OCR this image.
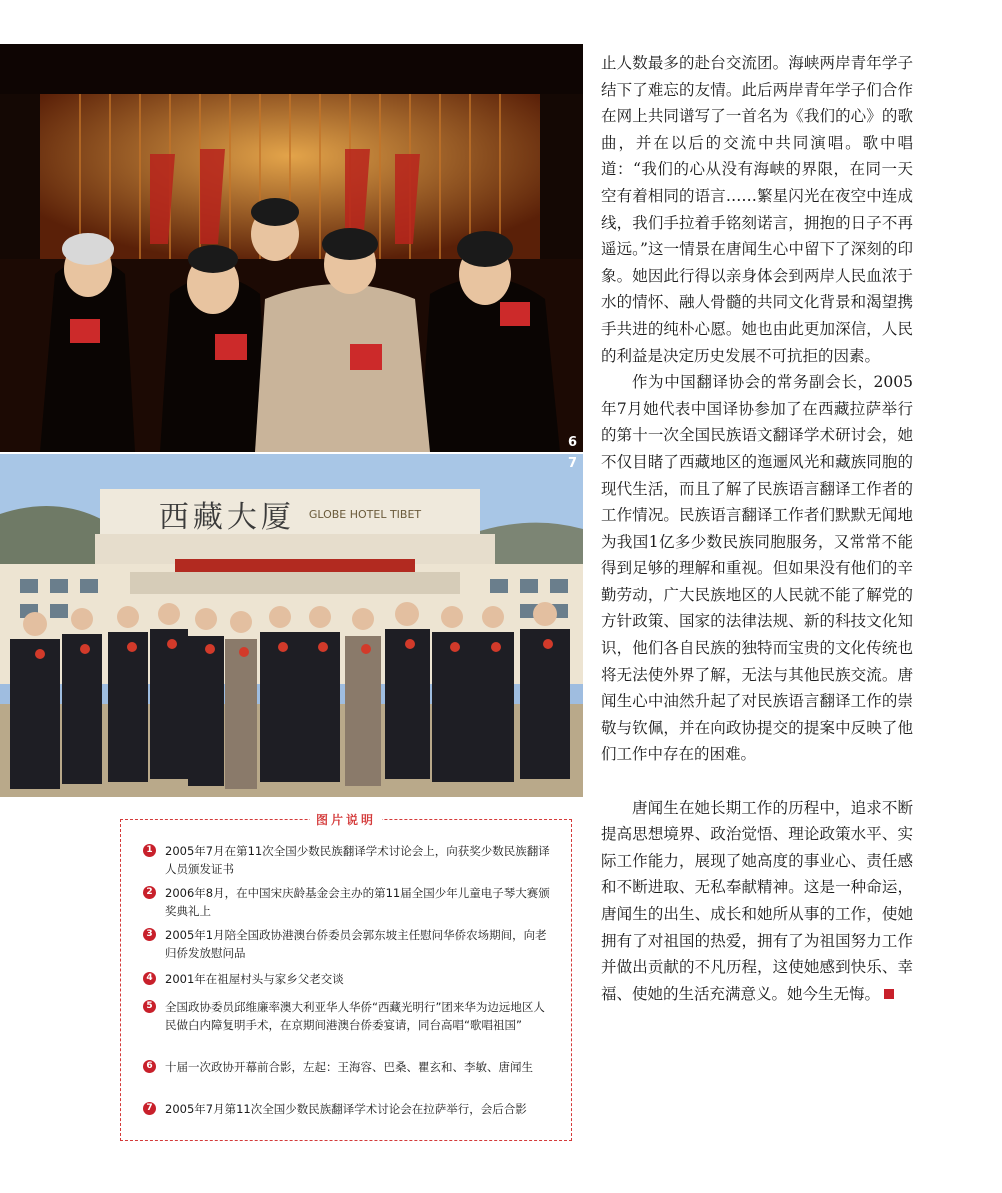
6
西藏大厦 GLOBE HOTEL TIBET
7

止人数最多的赴台交流团。海峡两岸青年学子结下了难忘的友情。此后两岸青年学子们合作在网上共同谱写了一首名为《我们的心》的歌曲，并在以后的交流中共同演唱。歌中唱道：“我们的心从没有海峡的界限，在同一天空有着相同的语言……繁星闪光在夜空中连成线，我们手拉着手铭刻诺言，拥抱的日子不再遥远。”这一情景在唐闻生心中留下了深刻的印象。她因此行得以亲身体会到两岸人民血浓于水的情怀、融人骨髓的共同文化背景和渴望携手共进的纯朴心愿。她也由此更加深信，人民的利益是决定历史发展不可抗拒的因素。

作为中国翻译协会的常务副会长，2005年7月她代表中国译协参加了在西藏拉萨举行的第十一次全国民族语文翻译学术研讨会，她不仅目睹了西藏地区的迤逦风光和藏族同胞的现代生活，而且了解了民族语言翻译工作者的工作情况。民族语言翻译工作者们默默无闻地为我国1亿多少数民族同胞服务，又常常不能得到足够的理解和重视。但如果没有他们的辛勤劳动，广大民族地区的人民就不能了解党的方针政策、国家的法律法规、新的科技文化知识，他们各自民族的独特而宝贵的文化传统也将无法使外界了解，无法与其他民族交流。唐闻生心中油然升起了对民族语言翻译工作的崇敬与钦佩，并在向政协提交的提案中反映了他们工作中存在的困难。

唐闻生在她长期工作的历程中，追求不断提高思想境界、政治觉悟、理论政策水平、实际工作能力，展现了她高度的事业心、责任感和不断进取、无私奉献精神。这是一种命运，唐闻生的出生、成长和她所从事的工作，使她拥有了对祖国的热爱，拥有了为祖国努力工作并做出贡献的不凡历程，这使她感到快乐、幸福、使她的生活充满意义。她今生无悔。

图片说明
1	2005年7月在第11次全国少数民族翻译学术讨论会上，向获奖少数民族翻译人员颁发证书
2	2006年8月，在中国宋庆龄基金会主办的第11届全国少年儿童电子琴大赛颁奖典礼上
3	2005年1月陪全国政协港澳台侨委员会郭东坡主任慰问华侨农场期间，向老归侨发放慰问品
4	2001年在祖屋村头与家乡父老交谈
5	全国政协委员邱维廉率澳大利亚华人华侨“西藏光明行”团来华为边远地区人民做白内障复明手术，在京期间港澳台侨委宴请，同台高唱“歌唱祖国”
6	十届一次政协开幕前合影，左起：王海容、巴桑、瞿玄和、李敏、唐闻生
7	2005年7月第11次全国少数民族翻译学术讨论会在拉萨举行，会后合影
